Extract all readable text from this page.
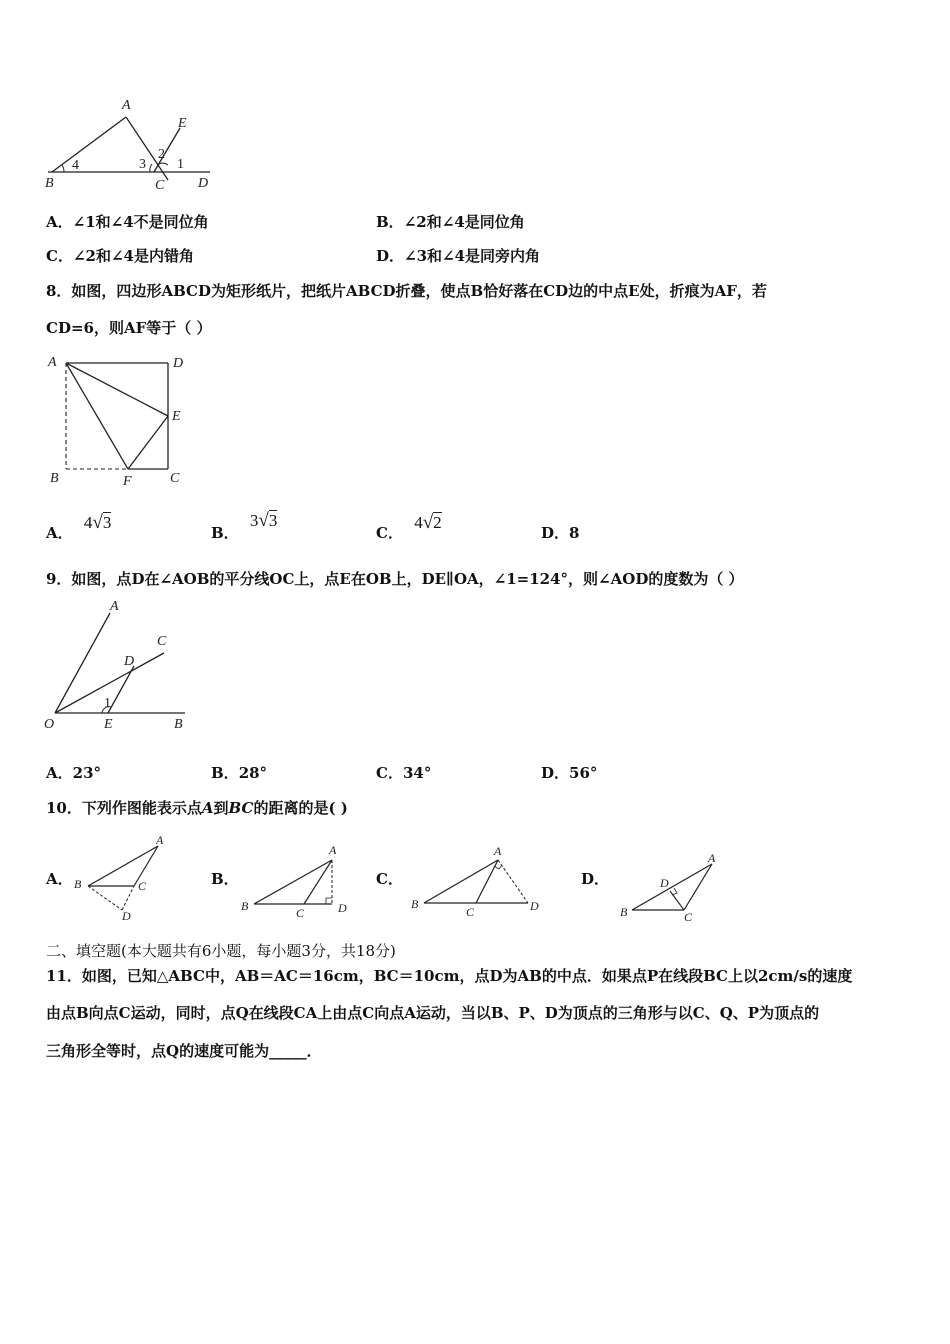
A
E
B	C D
4	3
2
1
A．∠1和∠4不是同位角	B．∠2和∠4是同位角
C．∠2和∠4是内错角	D．∠3和∠4是同旁内角
8．如图，四边形ABCD为矩形纸片，把纸片ABCD折叠，使点B恰好落在CD边的中点E处，折痕为AF，若
CD=6，则AF等于（ ）
A	D
E
B	F	C
A． 4√3
B． 3√3
C． 4√2
D．8
9．如图，点D在∠AOB的平分线OC上，点E在OB上，DE∥OA，∠1=124°，则∠AOD的度数为（ ）
A
C
D
1
O	E	B
A．23°	B．28°	C．34°	D．56°
10．下列作图能表示点A到BC的距离的是( )
A．
A
B	C
D
B．
A
B	C	D
C．
A
B
C	D
D．
A
D
B	C
二、填空题(本大题共有6小题，每小题3分，共18分)
11．如图，已知△ABC中，AB＝AC＝16cm，BC＝10cm，点D为AB的中点．如果点P在线段BC上以2cm/s的速度
由点B向点C运动，同时，点Q在线段CA上由点C向点A运动，当以B、P、D为顶点的三角形与以C、Q、P为顶点的
三角形全等时，点Q的速度可能为_____．
